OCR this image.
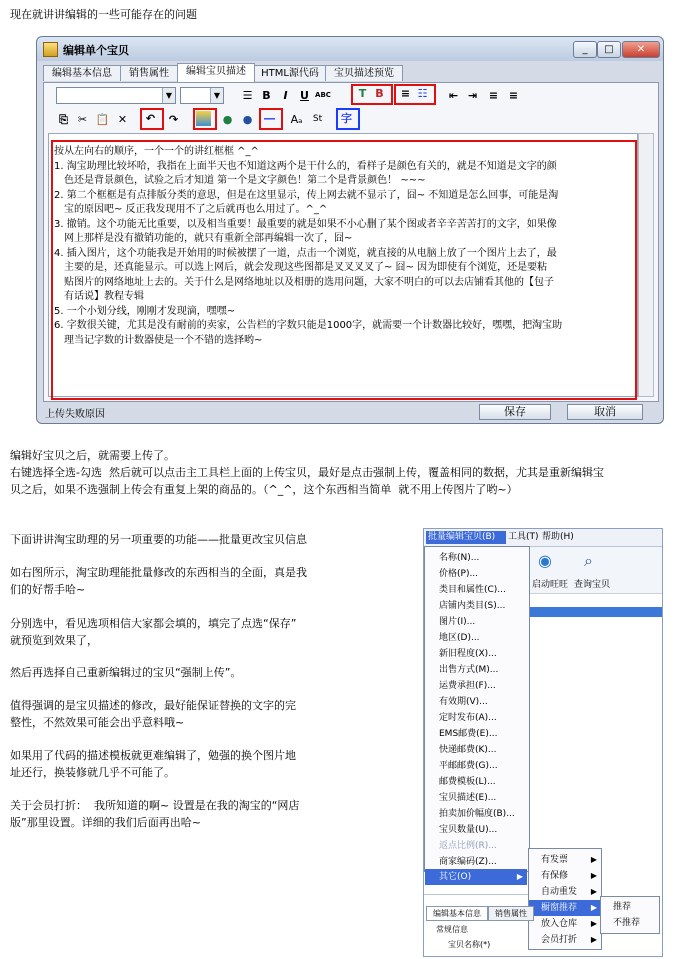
现在就讲讲编辑的一些可能存在的问题
编辑单个宝贝	_	□	✕
编辑基本信息	销售属性	编辑宝贝描述	HTML源代码	宝贝描述预览
▼	▼ ☰ B	I	U ABC	T B	≡ ☷ ⇤ ⇥ ≡ ≡
⎘ ✂ 📋 ✕ ↶ ↷	● ● ― Aₐ	St 字
按从左向右的顺序，一个一个的讲红框框 ^_^
1. 淘宝助理比较坏哈，我指在上面半天也不知道这两个是干什么的，看样子是颜色有关的，就是不知道是文字的颜
色还是背景颜色，试验之后才知道 第一个是文字颜色！第二个是背景颜色！ ~~~
2. 第二个框框是有点排版分类的意思，但是在这里显示，传上网去就不显示了，囧~ 不知道是怎么回事，可能是淘
宝的原因吧~ 反正我发现用不了之后就再也么用过了。^_^
3. 撤销。这个功能无比重要，以及相当重要！最重要的就是如果不小心删了某个图或者辛辛苦苦打的文字，如果像
网上那样是没有撤销功能的，就只有重新全部再编辑一次了，囧~
4. 插入图片，这个功能我是开始用的时候被摆了一道，点击一个浏览，就直接的从电脑上放了一个图片上去了，最
主要的是，还真能显示。可以选上网后，就会发现这些图都是叉叉叉叉了~ 囧~ 因为即使有个浏览，还是要粘
贴图片的网络地址上去的。关于什么是网络地址以及相册的选用问题，大家不明白的可以去店铺看其他的【包子
有话说】教程专辑
5. 一个小划分线，刚刚才发现滴，嘿嘿~
6. 字数很关键，尤其是没有耐前的卖家，公告栏的字数只能是1000字，就需要一个计数器比较好，嘿嘿，把淘宝助
理当记字数的计数器使是一个不错的选择哟~
上传失败原因	保存	取消
编辑好宝贝之后，就需要上传了。
右键选择全选-勾选  然后就可以点击主工具栏上面的上传宝贝，最好是点击强制上传，覆盖相同的数据，尤其是重新编辑宝
贝之后，如果不选强制上传会有重复上架的商品的。（^_^，这个东西相当简单  就不用上传图片了哟~）
下面讲讲淘宝助理的另一项重要的功能——批量更改宝贝信息
如右图所示，淘宝助理能批量修改的东西相当的全面，真是我
们的好帮手哈~
分别选中，看见选项相信大家都会填的，填完了点选“保存”
就预览到效果了，
然后再选择自己重新编辑过的宝贝“强制上传”。
值得强调的是宝贝描述的修改，最好能保证替换的文字的完
整性，不然效果可能会出乎意料哦~
如果用了代码的描述模板就更难编辑了，勉强的换个图片地
址还行，换装修就几乎不可能了。
关于会员打折：  我所知道的啊~ 设置是在我的淘宝的“网店
版”那里设置。详细的我们后面再出哈~
批量编辑宝贝(B)	工具(T) 帮助(H)
◉ ⌕
启动旺旺 查询宝贝
名称(N)...
价格(P)...
类目和属性(C)...
店铺内类目(S)...
图片(I)...
地区(D)...
新旧程度(X)...
出售方式(M)...
运费承担(F)...
有效期(V)...
定时发布(A)...
EMS邮费(E)...
快递邮费(K)...
平邮邮费(G)...
邮费模板(L)...
宝贝描述(E)...
拍卖加价幅度(B)...
宝贝数量(U)...
返点比例(R)...
商家编码(Z)...
其它(O)	▶
有发票	▶
有保修	▶
自动重发 ▶
橱窗推荐 ▶
放入仓库 ▶
会员打折 ▶
推荐
不推荐
编辑基本信息	销售属性
常规信息
宝贝名称(*)
